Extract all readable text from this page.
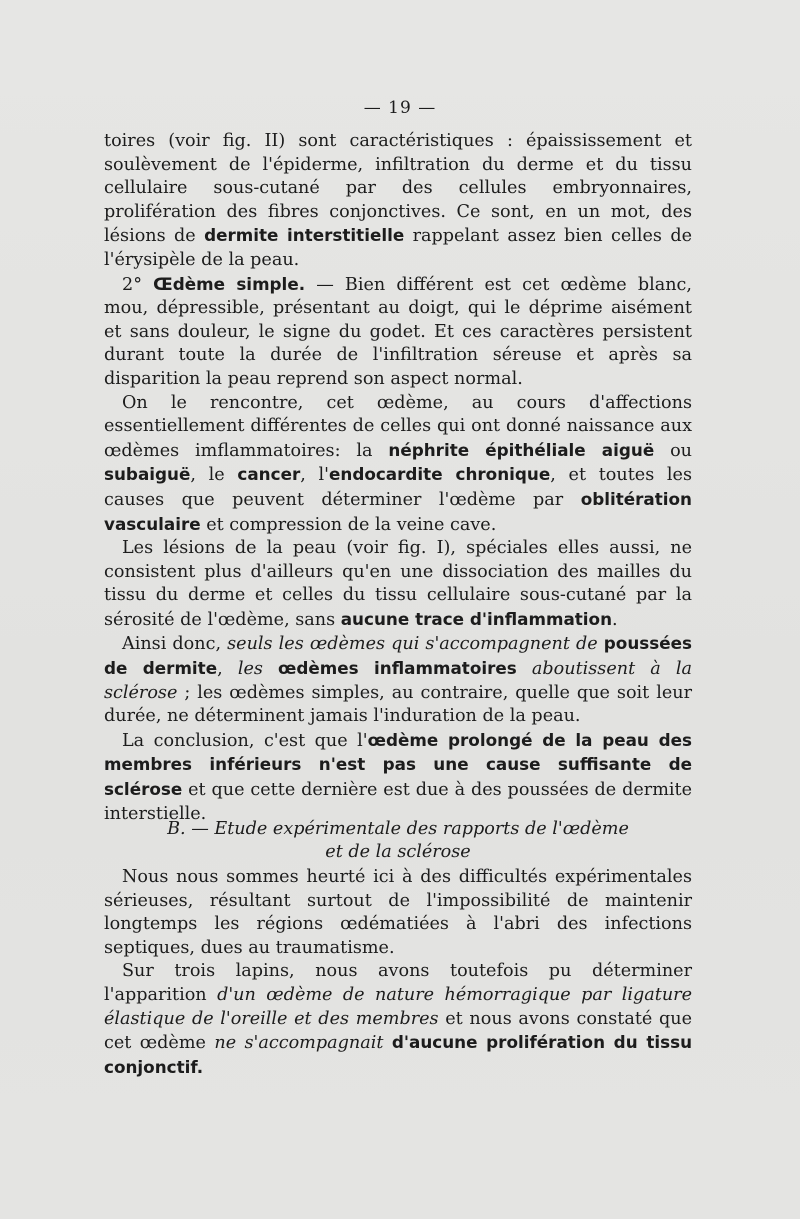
— 19 —

toires (voir fig. II) sont caractéristiques : épaississement et soulèvement de l'épiderme, infiltration du derme et du tissu cellulaire sous-cutané par des cellules embryonnaires, prolifération des fibres conjonctives. Ce sont, en un mot, des lésions de dermite interstitielle rappelant assez bien celles de l'érysipèle de la peau.

2° Œdème simple. — Bien différent est cet œdème blanc, mou, dépressible, présentant au doigt, qui le déprime aisément et sans douleur, le signe du godet. Et ces caractères persistent durant toute la durée de l'infiltration séreuse et après sa disparition la peau reprend son aspect normal.

On le rencontre, cet œdème, au cours d'affections essentiellement différentes de celles qui ont donné naissance aux œdèmes imflammatoires: la néphrite épithéliale aiguë ou subaiguë, le cancer, l'endocardite chronique, et toutes les causes que peuvent déterminer l'œdème par oblitération vasculaire et compression de la veine cave.

Les lésions de la peau (voir fig. I), spéciales elles aussi, ne consistent plus d'ailleurs qu'en une dissociation des mailles du tissu du derme et celles du tissu cellulaire sous-cutané par la sérosité de l'œdème, sans aucune trace d'inflammation.

Ainsi donc, seuls les œdèmes qui s'accompagnent de poussées de dermite, les œdèmes inflammatoires aboutissent à la sclérose ; les œdèmes simples, au contraire, quelle que soit leur durée, ne déterminent jamais l'induration de la peau.

La conclusion, c'est que l'œdème prolongé de la peau des membres inférieurs n'est pas une cause suffisante de sclérose et que cette dernière est due à des poussées de dermite interstielle.

B. — Etude expérimentale des rapports de l'œdème
et de la sclérose

Nous nous sommes heurté ici à des difficultés expérimentales sérieuses, résultant surtout de l'impossibilité de maintenir longtemps les régions œdématiées à l'abri des infections septiques, dues au traumatisme.

Sur trois lapins, nous avons toutefois pu déterminer l'apparition d'un œdème de nature hémorragique par ligature élastique de l'oreille et des membres et nous avons constaté que cet œdème ne s'accompagnait d'aucune prolifération du tissu conjonctif.
